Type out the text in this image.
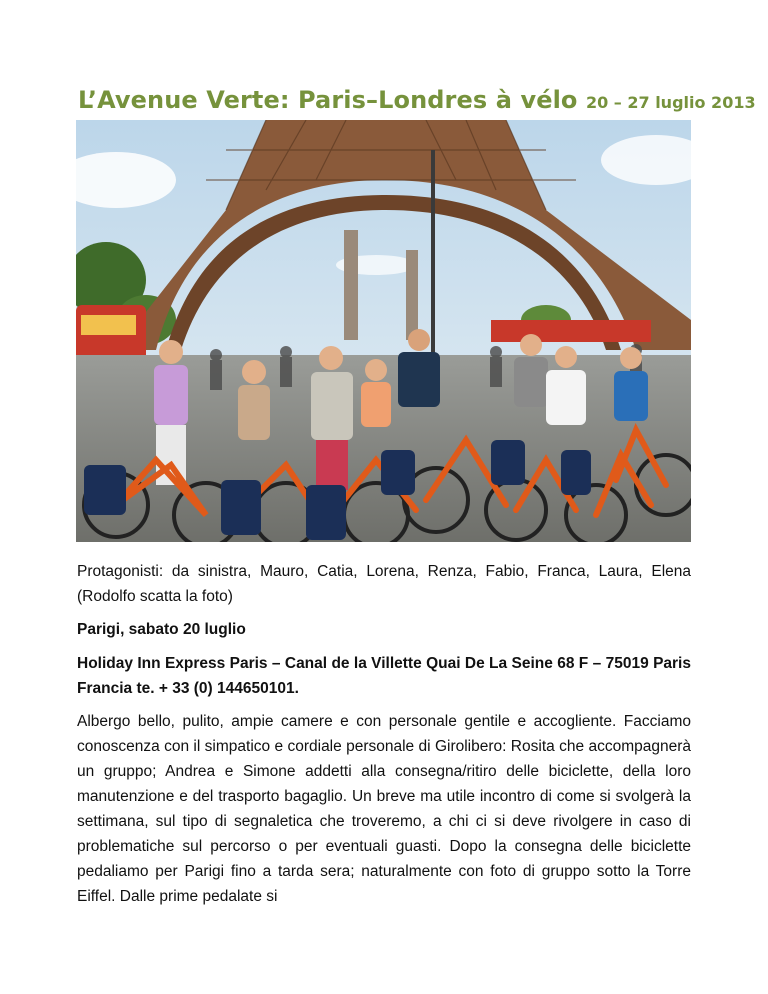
L’Avenue Verte: Paris–Londres à vélo 20 – 27 luglio 2013
Protagonisti: da sinistra, Mauro, Catia, Lorena, Renza, Fabio, Franca, Laura, Elena (Rodolfo scatta la foto)
Parigi, sabato 20 luglio
Holiday Inn Express Paris – Canal de la Villette Quai De La Seine 68 F – 75019 Paris Francia te. + 33 (0) 144650101.
Albergo bello, pulito, ampie camere e con personale gentile e accogliente. Facciamo conoscenza con il simpatico e cordiale personale di Girolibero: Rosita che accompagnerà un gruppo; Andrea e Simone addetti alla consegna/ritiro delle biciclette, della loro manutenzione e del trasporto bagaglio. Un breve ma utile incontro di come si svolgerà la settimana, sul tipo di segnaletica che troveremo, a chi ci si deve rivolgere in caso di problematiche sul percorso o per eventuali guasti. Dopo la consegna delle biciclette pedaliamo per Parigi fino a tarda sera; naturalmente con foto di gruppo sotto la Torre Eiffel. Dalle prime pedalate si
